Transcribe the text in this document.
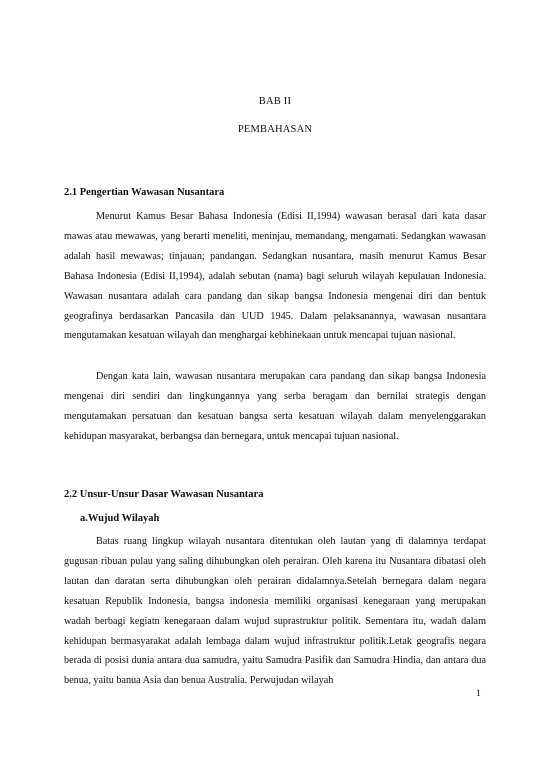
BAB II
PEMBAHASAN
2.1 Pengertian Wawasan Nusantara

Menurut Kamus Besar Bahasa Indonesia (Edisi II,1994) wawasan berasal dari kata dasar mawas atau mewawas, yang berarti meneliti, meninjau, memandang, mengamati. Sedangkan wawasan adalah hasil mewawas; tinjauan; pandangan. Sedangkan nusantara, masih menurut Kamus Besar Bahasa Indonesia (Edisi II,1994), adalah sebutan (nama) bagi seluruh wilayah kepulauan Indonesia. Wawasan nusantara adalah cara pandang dan sikap bangsa Indonesia mengenai diri dan bentuk geografinya berdasarkan Pancasila dan UUD 1945. Dalam pelaksanannya, wawasan nusantara mengutamakan kesatuan wilayah dan menghargai kebhinekaan untuk mencapai tujuan nasional.

Dengan kata lain, wawasan nusantara merupakan cara pandang dan sikap bangsa Indonesia mengenai diri sendiri dan lingkungannya yang serba beragam dan bernilai strategis dengan mengutamakan persatuan dan kesatuan bangsa serta kesatuan wilayah dalam menyelenggarakan kehidupan masyarakat, berbangsa dan bernegara, untuk mencapai tujuan nasional.

2.2 Unsur-Unsur Dasar Wawasan Nusantara
a.Wujud Wilayah

Batas ruang lingkup wilayah nusantara ditentukan oleh lautan yang di dalamnya terdapat gugusan ribuan pulau yang saling dihubungkan oleh perairan. Oleh karena itu Nusantara dibatasi oleh lautan dan daratan serta dihubungkan oleh perairan didalamnya.Setelah bernegara dalam negara kesatuan Republik Indonesia, bangsa indonesia memiliki organisasi kenegaraan yang merupakan wadah berbagi kegiatn kenegaraan dalam wujud suprastruktur politik. Sementara itu, wadah dalam kehidupan bermasyarakat adalah lembaga dalam wujud infrastruktur politik.Letak geografis negara berada di posisi dunia antara dua samudra, yaitu Samudra Pasifik dan Samudra Hindia, dan antara dua benua, yaitu banua Asia dan benua Australia. Perwujudan wilayah

1
